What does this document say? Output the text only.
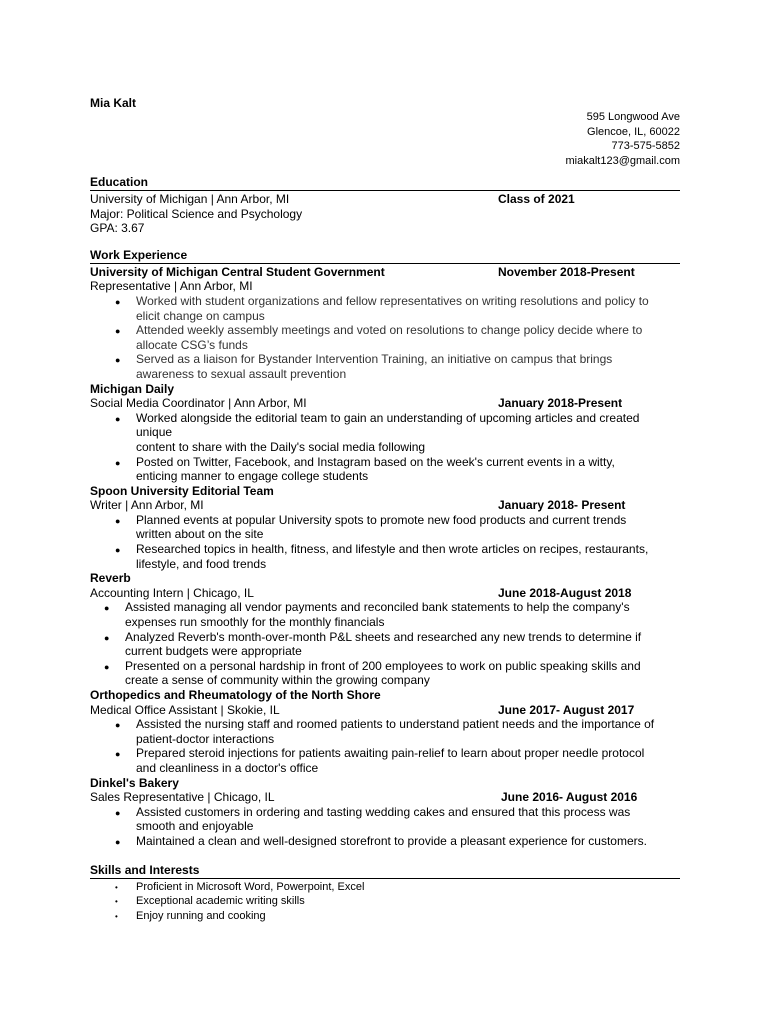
Mia Kalt
595 Longwood Ave
Glencoe, IL, 60022
773-575-5852
miakalt123@gmail.com
Education
University of Michigan | Ann Arbor, MI	Class of 2021
Major: Political Science and Psychology
GPA: 3.67
Work Experience
University of Michigan Central Student Government	November 2018-Present
Representative | Ann Arbor, MI
● Worked with student organizations and fellow representatives on writing resolutions and policy to
elicit change on campus
● Attended weekly assembly meetings and voted on resolutions to change policy decide where to
allocate CSG’s funds
● Served as a liaison for Bystander Intervention Training, an initiative on campus that brings
awareness to sexual assault prevention
Michigan Daily
Social Media Coordinator | Ann Arbor, MI	January 2018-Present
● Worked alongside the editorial team to gain an understanding of upcoming articles and created
unique
content to share with the Daily's social media following
● Posted on Twitter, Facebook, and Instagram based on the week's current events in a witty,
enticing manner to engage college students
Spoon University Editorial Team
Writer | Ann Arbor, MI	January 2018- Present
● Planned events at popular University spots to promote new food products and current trends
written about on the site
● Researched topics in health, fitness, and lifestyle and then wrote articles on recipes, restaurants,
lifestyle, and food trends
Reverb
Accounting Intern | Chicago, IL	June 2018-August 2018
● Assisted managing all vendor payments and reconciled bank statements to help the company's
expenses run smoothly for the monthly financials
● Analyzed Reverb's month-over-month P&L sheets and researched any new trends to determine if
current budgets were appropriate
● Presented on a personal hardship in front of 200 employees to work on public speaking skills and
create a sense of community within the growing company
Orthopedics and Rheumatology of the North Shore
Medical Office Assistant | Skokie, IL	June 2017- August 2017
● Assisted the nursing staff and roomed patients to understand patient needs and the importance of
patient-doctor interactions
● Prepared steroid injections for patients awaiting pain-relief to learn about proper needle protocol
and cleanliness in a doctor's office
Dinkel's Bakery
Sales Representative | Chicago, IL	June 2016- August 2016
● Assisted customers in ordering and tasting wedding cakes and ensured that this process was
smooth and enjoyable
● Maintained a clean and well-designed storefront to provide a pleasant experience for customers.
Skills and Interests
• Proficient in Microsoft Word, Powerpoint, Excel
• Exceptional academic writing skills
• Enjoy running and cooking
